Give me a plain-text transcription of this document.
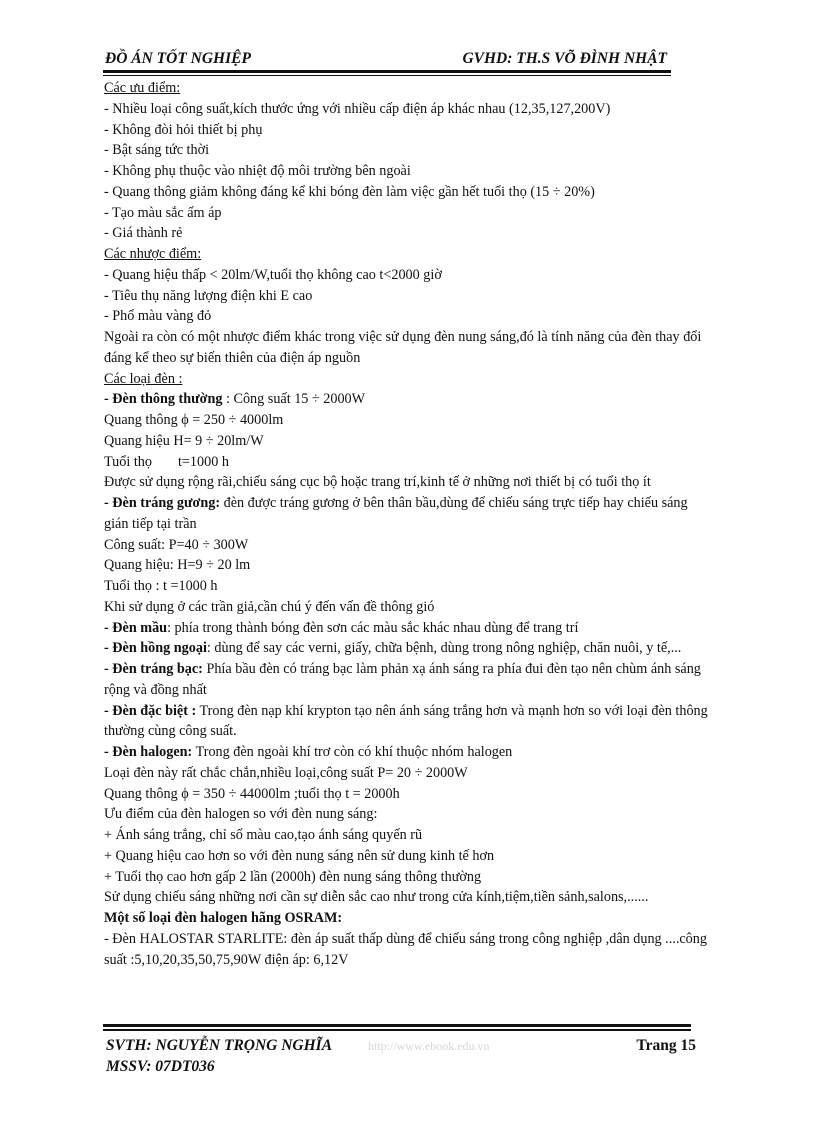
ĐỒ ÁN TỐT NGHIỆP	GVHD: TH.S VÕ ĐÌNH NHẬT

Các ưu điểm:

- Nhiều loại công suất,kích thước ứng với nhiều cấp điện áp khác nhau (12,35,127,200V)

- Không đòi hỏi thiết bị phụ

- Bật sáng tức thời

- Không phụ thuộc vào nhiệt độ môi trường bên ngoài

- Quang thông giảm không đáng kể khi bóng đèn làm việc gần hết tuổi thọ (15 ÷ 20%)

- Tạo màu sắc ấm áp

- Giá thành rẻ

Các nhược điểm:

- Quang hiệu thấp < 20lm/W,tuổi thọ không cao t<2000 giờ

- Tiêu thụ năng lượng điện khi E cao

- Phổ màu vàng đỏ

Ngoài ra còn có một nhược điểm khác trong việc sử dụng đèn nung sáng,đó là tính năng của đèn thay đổi đáng kể theo sự biến thiên của điện áp nguồn

Các loại đèn :

- Đèn thông thường : Công suất 15 ÷ 2000W

Quang thông ϕ = 250 ÷ 4000lm

Quang hiệu H= 9 ÷ 20lm/W

Tuổi thọ t=1000 h

Được sử dụng rộng rãi,chiếu sáng cục bộ hoặc trang trí,kinh tế ở những nơi thiết bị có tuổi thọ ít

- Đèn tráng gương: đèn được tráng gương ở bên thân bầu,dùng để chiếu sáng trực tiếp hay chiếu sáng gián tiếp tại trần

Công suất: P=40 ÷ 300W

Quang hiệu: H=9 ÷ 20 lm

Tuổi thọ : t =1000 h

Khi sử dụng ở các trần giả,cần chú ý đến vấn đề thông gió

- Đèn mầu: phía trong thành bóng đèn sơn các màu sắc khác nhau dùng để trang trí

- Đèn hồng ngoại: dùng để say các verni, giấy, chữa bệnh, dùng trong nông nghiệp, chăn nuôi, y tế,...

- Đèn tráng bạc: Phía bầu đèn có tráng bạc làm phản xạ ánh sáng ra phía đui đèn tạo nên chùm ánh sáng rộng và đồng nhất

- Đèn đặc biệt : Trong đèn nạp khí krypton tạo nên ánh sáng trắng hơn và mạnh hơn so với loại đèn thông thường cùng công suất.

- Đèn halogen: Trong đèn ngoài khí trơ còn có khí thuộc nhóm halogen

Loại đèn này rất chắc chắn,nhiều loại,công suất P= 20 ÷ 2000W

Quang thông ϕ = 350 ÷ 44000lm ;tuổi thọ t = 2000h

Ưu điểm của đèn halogen so với đèn nung sáng:

+ Ánh sáng trắng, chỉ số màu cao,tạo ánh sáng quyến rũ

+ Quang hiệu cao hơn so với đèn nung sáng nên sử dung kinh tế hơn

+ Tuổi thọ cao hơn gấp 2 lần (2000h) đèn nung sáng thông thường

Sử dụng chiếu sáng những nơi cần sự diễn sắc cao như trong cửa kính,tiệm,tiền sảnh,salons,......

Một số loại đèn halogen hãng OSRAM:

- Đèn HALOSTAR STARLITE: đèn áp suất thấp dùng để chiếu sáng trong công nghiệp ,dân dụng ....công suất :5,10,20,35,50,75,90W điện áp: 6,12V

SVTH: NGUYỄN TRỌNG NGHĨA	http://www.ebook.edu.vn	Trang 15
MSSV: 07DT036
